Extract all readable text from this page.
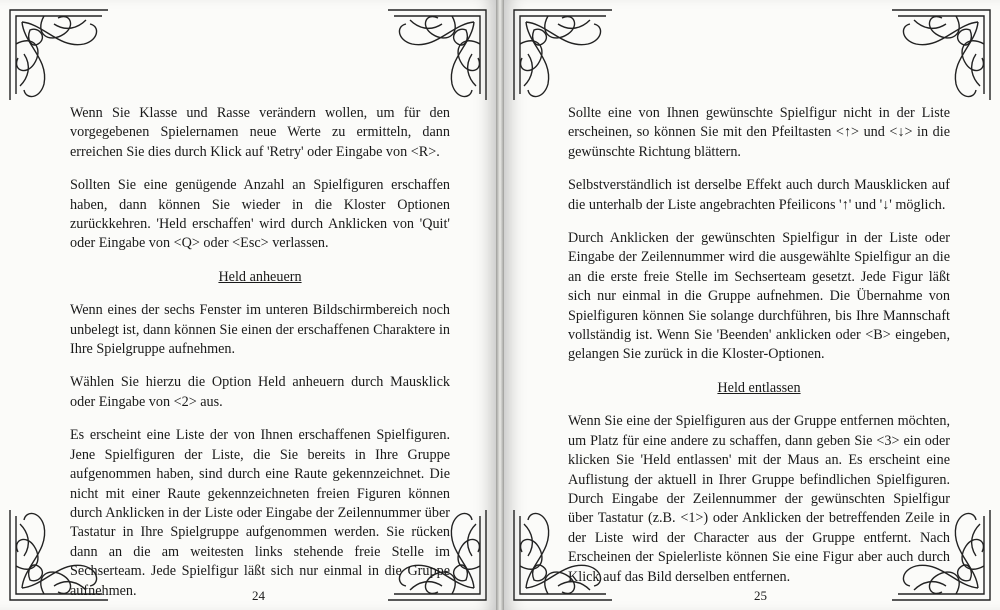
Wenn Sie Klasse und Rasse verändern wollen, um für den vorgegebenen Spielernamen neue Werte zu ermitteln, dann erreichen Sie dies durch Klick auf 'Retry' oder Eingabe von <R>.

Sollten Sie eine genügende Anzahl an Spielfiguren erschaffen haben, dann können Sie wieder in die Kloster Optionen zurückkehren. 'Held erschaffen' wird durch Anklicken von 'Quit' oder Eingabe von <Q> oder <Esc> verlassen.

Held anheuern

Wenn eines der sechs Fenster im unteren Bildschirmbereich noch unbelegt ist, dann können Sie einen der erschaffenen Charaktere in Ihre Spielgruppe aufnehmen.

Wählen Sie hierzu die Option Held anheuern durch Mausklick oder Eingabe von <2> aus.

Es erscheint eine Liste der von Ihnen erschaffenen Spielfiguren. Jene Spielfiguren der Liste, die Sie bereits in Ihre Gruppe aufgenommen haben, sind durch eine Raute gekennzeichnet. Die nicht mit einer Raute gekennzeichneten freien Figuren können durch Anklicken in der Liste oder Eingabe der Zeilennummer über Tastatur in Ihre Spielgruppe aufgenommen werden. Sie rücken dann an die am weitesten links stehende freie Stelle im Sechserteam. Jede Spielfigur läßt sich nur einmal in die Gruppe aufnehmen.	24

Sollte eine von Ihnen gewünschte Spielfigur nicht in der Liste erscheinen, so können Sie mit den Pfeiltasten <↑> und <↓> in die gewünschte Richtung blättern.

Selbstverständlich ist derselbe Effekt auch durch Mausklicken auf die unterhalb der Liste angebrachten Pfeilicons '↑' und '↓' möglich.

Durch Anklicken der gewünschten Spielfigur in der Liste oder Eingabe der Zeilennummer wird die ausgewählte Spielfigur an die an die erste freie Stelle im Sechserteam gesetzt. Jede Figur läßt sich nur einmal in die Gruppe aufnehmen. Die Übernahme von Spielfiguren können Sie solange durchführen, bis Ihre Mannschaft vollständig ist. Wenn Sie 'Beenden' anklicken oder <B> eingeben, gelangen Sie zurück in die Kloster-Optionen.

Held entlassen

Wenn Sie eine der Spielfiguren aus der Gruppe entfernen möchten, um Platz für eine andere zu schaffen, dann geben Sie <3> ein oder klicken Sie 'Held entlassen' mit der Maus an. Es erscheint eine Auflistung der aktuell in Ihrer Gruppe befindlichen Spielfiguren. Durch Eingabe der Zeilennummer der gewünschten Spielfigur über Tastatur (z.B. <1>) oder Anklicken der betreffenden Zeile in der Liste wird der Character aus der Gruppe entfernt. Nach Erscheinen der Spielerliste können Sie eine Figur aber auch durch Klick auf das Bild derselben entfernen.

25
